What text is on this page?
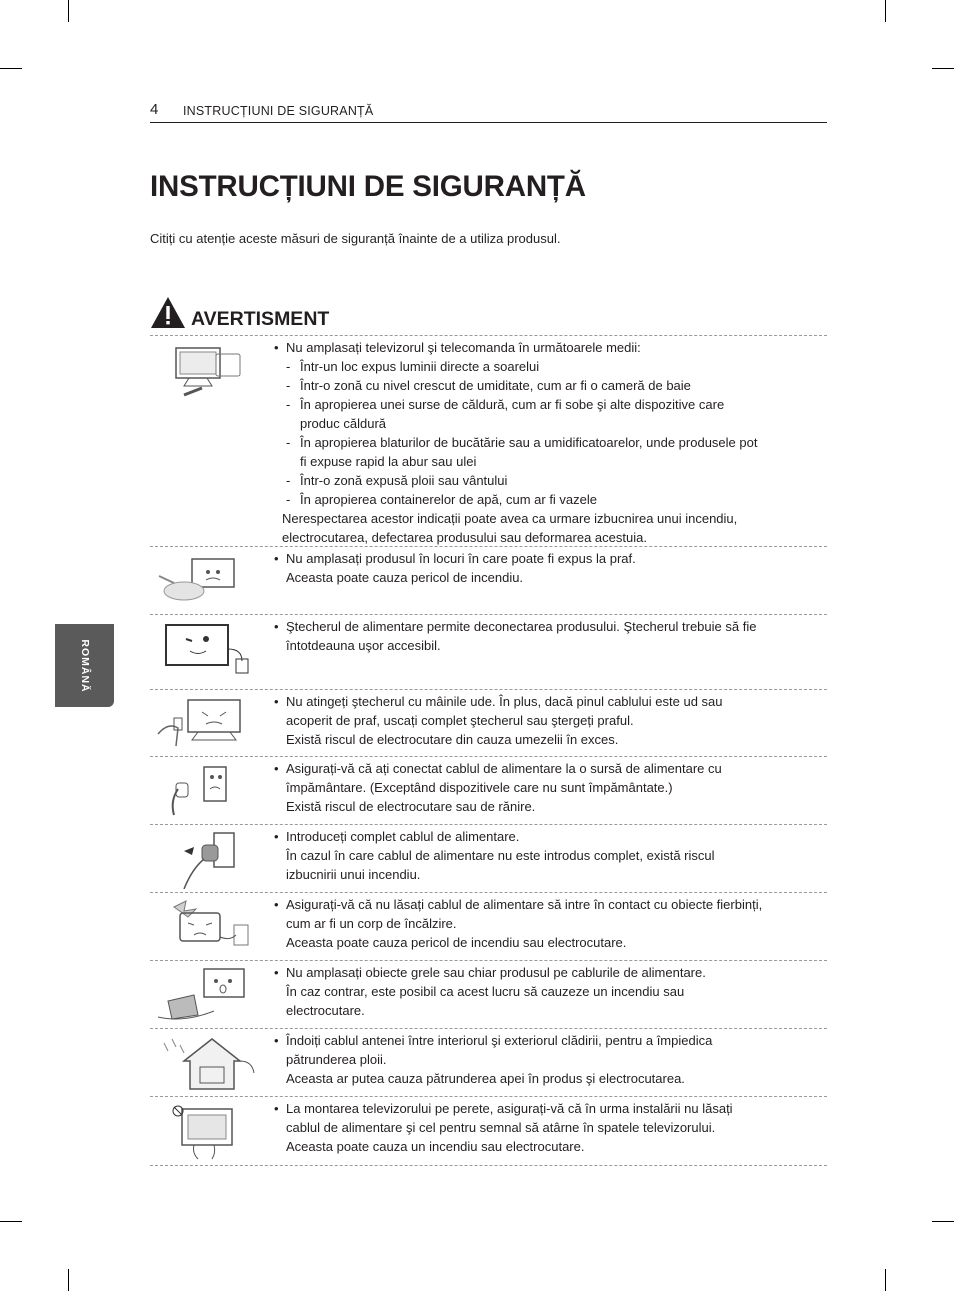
4 INSTRUCȚIUNI DE SIGURANȚĂ
INSTRUCȚIUNI DE SIGURANȚĂ
Citiți cu atenție aceste măsuri de siguranță înainte de a utiliza produsul.
AVERTISMENT
ROMÂNĂ
• Nu amplasați televizorul şi telecomanda în următoarele medii:
- Într-un loc expus luminii directe a soarelui
- Într-o zonă cu nivel crescut de umiditate, cum ar fi o cameră de baie
- În apropierea unei surse de căldură, cum ar fi sobe şi alte dispozitive care
produc căldură
- În apropierea blaturilor de bucătărie sau a umidificatoarelor, unde produsele pot
fi expuse rapid la abur sau ulei
- Într-o zonă expusă ploii sau vântului
- În apropierea containerelor de apă, cum ar fi vazele
Nerespectarea acestor indicații poate avea ca urmare izbucnirea unui incendiu,
electrocutarea, defectarea produsului sau deformarea acestuia.
• Nu amplasați produsul în locuri în care poate fi expus la praf.
Aceasta poate cauza pericol de incendiu.
• Ştecherul de alimentare permite deconectarea produsului. Ştecherul trebuie să fie
întotdeauna uşor accesibil.
• Nu atingeți ştecherul cu mâinile ude. În plus, dacă pinul cablului este ud sau
acoperit de praf, uscați complet ştecherul sau ştergeți praful.
Există riscul de electrocutare din cauza umezelii în exces.
• Asigurați-vă că ați conectat cablul de alimentare la o sursă de alimentare cu
împământare. (Exceptând dispozitivele care nu sunt împământate.)
Există riscul de electrocutare sau de rănire.
• Introduceți complet cablul de alimentare.
În cazul în care cablul de alimentare nu este introdus complet, există riscul
izbucnirii unui incendiu.
• Asigurați-vă că nu lăsați cablul de alimentare să intre în contact cu obiecte fierbinți,
cum ar fi un corp de încălzire.
Aceasta poate cauza pericol de incendiu sau electrocutare.
• Nu amplasați obiecte grele sau chiar produsul pe cablurile de alimentare.
În caz contrar, este posibil ca acest lucru să cauzeze un incendiu sau
electrocutare.
• Îndoiți cablul antenei între interiorul şi exteriorul clădirii, pentru a împiedica
pătrunderea ploii.
Aceasta ar putea cauza pătrunderea apei în produs şi electrocutarea.
• La montarea televizorului pe perete, asigurați-vă că în urma instalării nu lăsați
cablul de alimentare şi cel pentru semnal să atârne în spatele televizorului.
Aceasta poate cauza un incendiu sau electrocutare.
